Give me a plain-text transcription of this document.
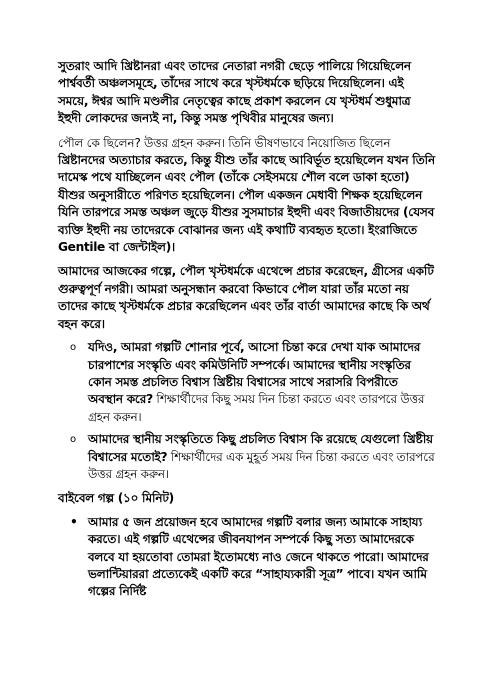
সুতরাং আদি খ্রিষ্টানরা এবং তাদের নেতারা নগরী ছেড়ে পালিয়ে গিয়েছিলেন পার্শ্ববর্তী অঞ্চলসমূহে, তাঁদের সাথে করে খৃস্টধর্মকে ছড়িয়ে দিয়েছিলেন। এই সময়ে, ঈশ্বর আদি মণ্ডলীর নেতৃত্বের কাছে প্রকাশ করলেন যে খৃস্টধর্ম শুধুমাত্র ইহুদী লোকদের জন্যই না, কিন্তু সমস্ত পৃথিবীর মানুষের জন্য।

পৌল কে ছিলেন? উত্তর গ্রহন করুন। তিনি ভীষণভাবে নিয়োজিত ছিলেন খ্রিষ্টানদের অত্যাচার করতে, কিন্তু যীশু তাঁর কাছে আবির্ভূত হয়েছিলেন যখন তিনি দামেস্ক পথে যাচ্ছিলেন এবং পৌল (তাঁকে সেইসময়ে শৌল বলে ডাকা হতো) যীশুর অনুসারীতে পরিণত হয়েছিলেন। পৌল একজন মেধাবী শিক্ষক হয়েছিলেন যিনি তারপরে সমস্ত অঞ্চল জুড়ে যীশুর সুসমাচার ইহুদী এবং বিজাতীয়দের (যেসব ব্যক্তি ইহুদী নয় তাদেরকে বোঝানর জন্য এই কথাটি ব্যবহৃত হতো। ইংরাজিতে Gentile বা জেন্টাইল)।

আমাদের আজকের গল্পে, পৌল খৃস্টধর্মকে এথেন্সে প্রচার করেছেন, গ্রীসের একটি গুরুত্বপূর্ণ নগরী। আমরা অনুসন্ধান করবো কিভাবে পৌল যারা তাঁর মতো নয় তাদের কাছে খৃস্টধর্মকে প্রচার করেছিলেন এবং তাঁর বার্তা আমাদের কাছে কি অর্থ বহন করে।

o যদিও, আমরা গল্পটি শোনার পূর্বে, আসো চিন্তা করে দেখা যাক আমাদের চারপাশের সংস্কৃতি এবং কমিউনিটি সম্পর্কে। আমাদের স্থানীয় সংস্কৃতির কোন সমস্ত প্রচলিত বিশ্বাস খ্রিষ্টীয় বিশ্বাসের সাথে সরাসরি বিপরীতে অবস্থান করে? শিক্ষার্থীদের কিছু সময় দিন চিন্তা করতে এবং তারপরে উত্তর গ্রহন করুন।
o আমাদের স্থানীয় সংস্কৃতিতে কিছু প্রচলিত বিশ্বাস কি রয়েছে যেগুলো খ্রিষ্টীয় বিশ্বাসের মতোই? শিক্ষার্থীদের এক মুহূর্ত সময় দিন চিন্তা করতে এবং তারপরে উত্তর গ্রহন করুন।

বাইবেল গল্প (১০ মিনিট)

• আমার ৫ জন প্রয়োজন হবে আমাদের গল্পটি বলার জন্য আমাকে সাহায্য করতে। এই গল্পটি এথেন্সের জীবনযাপন সম্পর্কে কিছু সত্য আমাদেরকে বলবে যা হয়তোবা তোমরা ইতোমধ্যে নাও জেনে থাকতে পারো। আমাদের ভলান্টিয়াররা প্রত্যেকেই একটি করে “সাহায্যকারী সূত্র” পাবে। যখন আমি গল্পের নির্দিষ্ট
